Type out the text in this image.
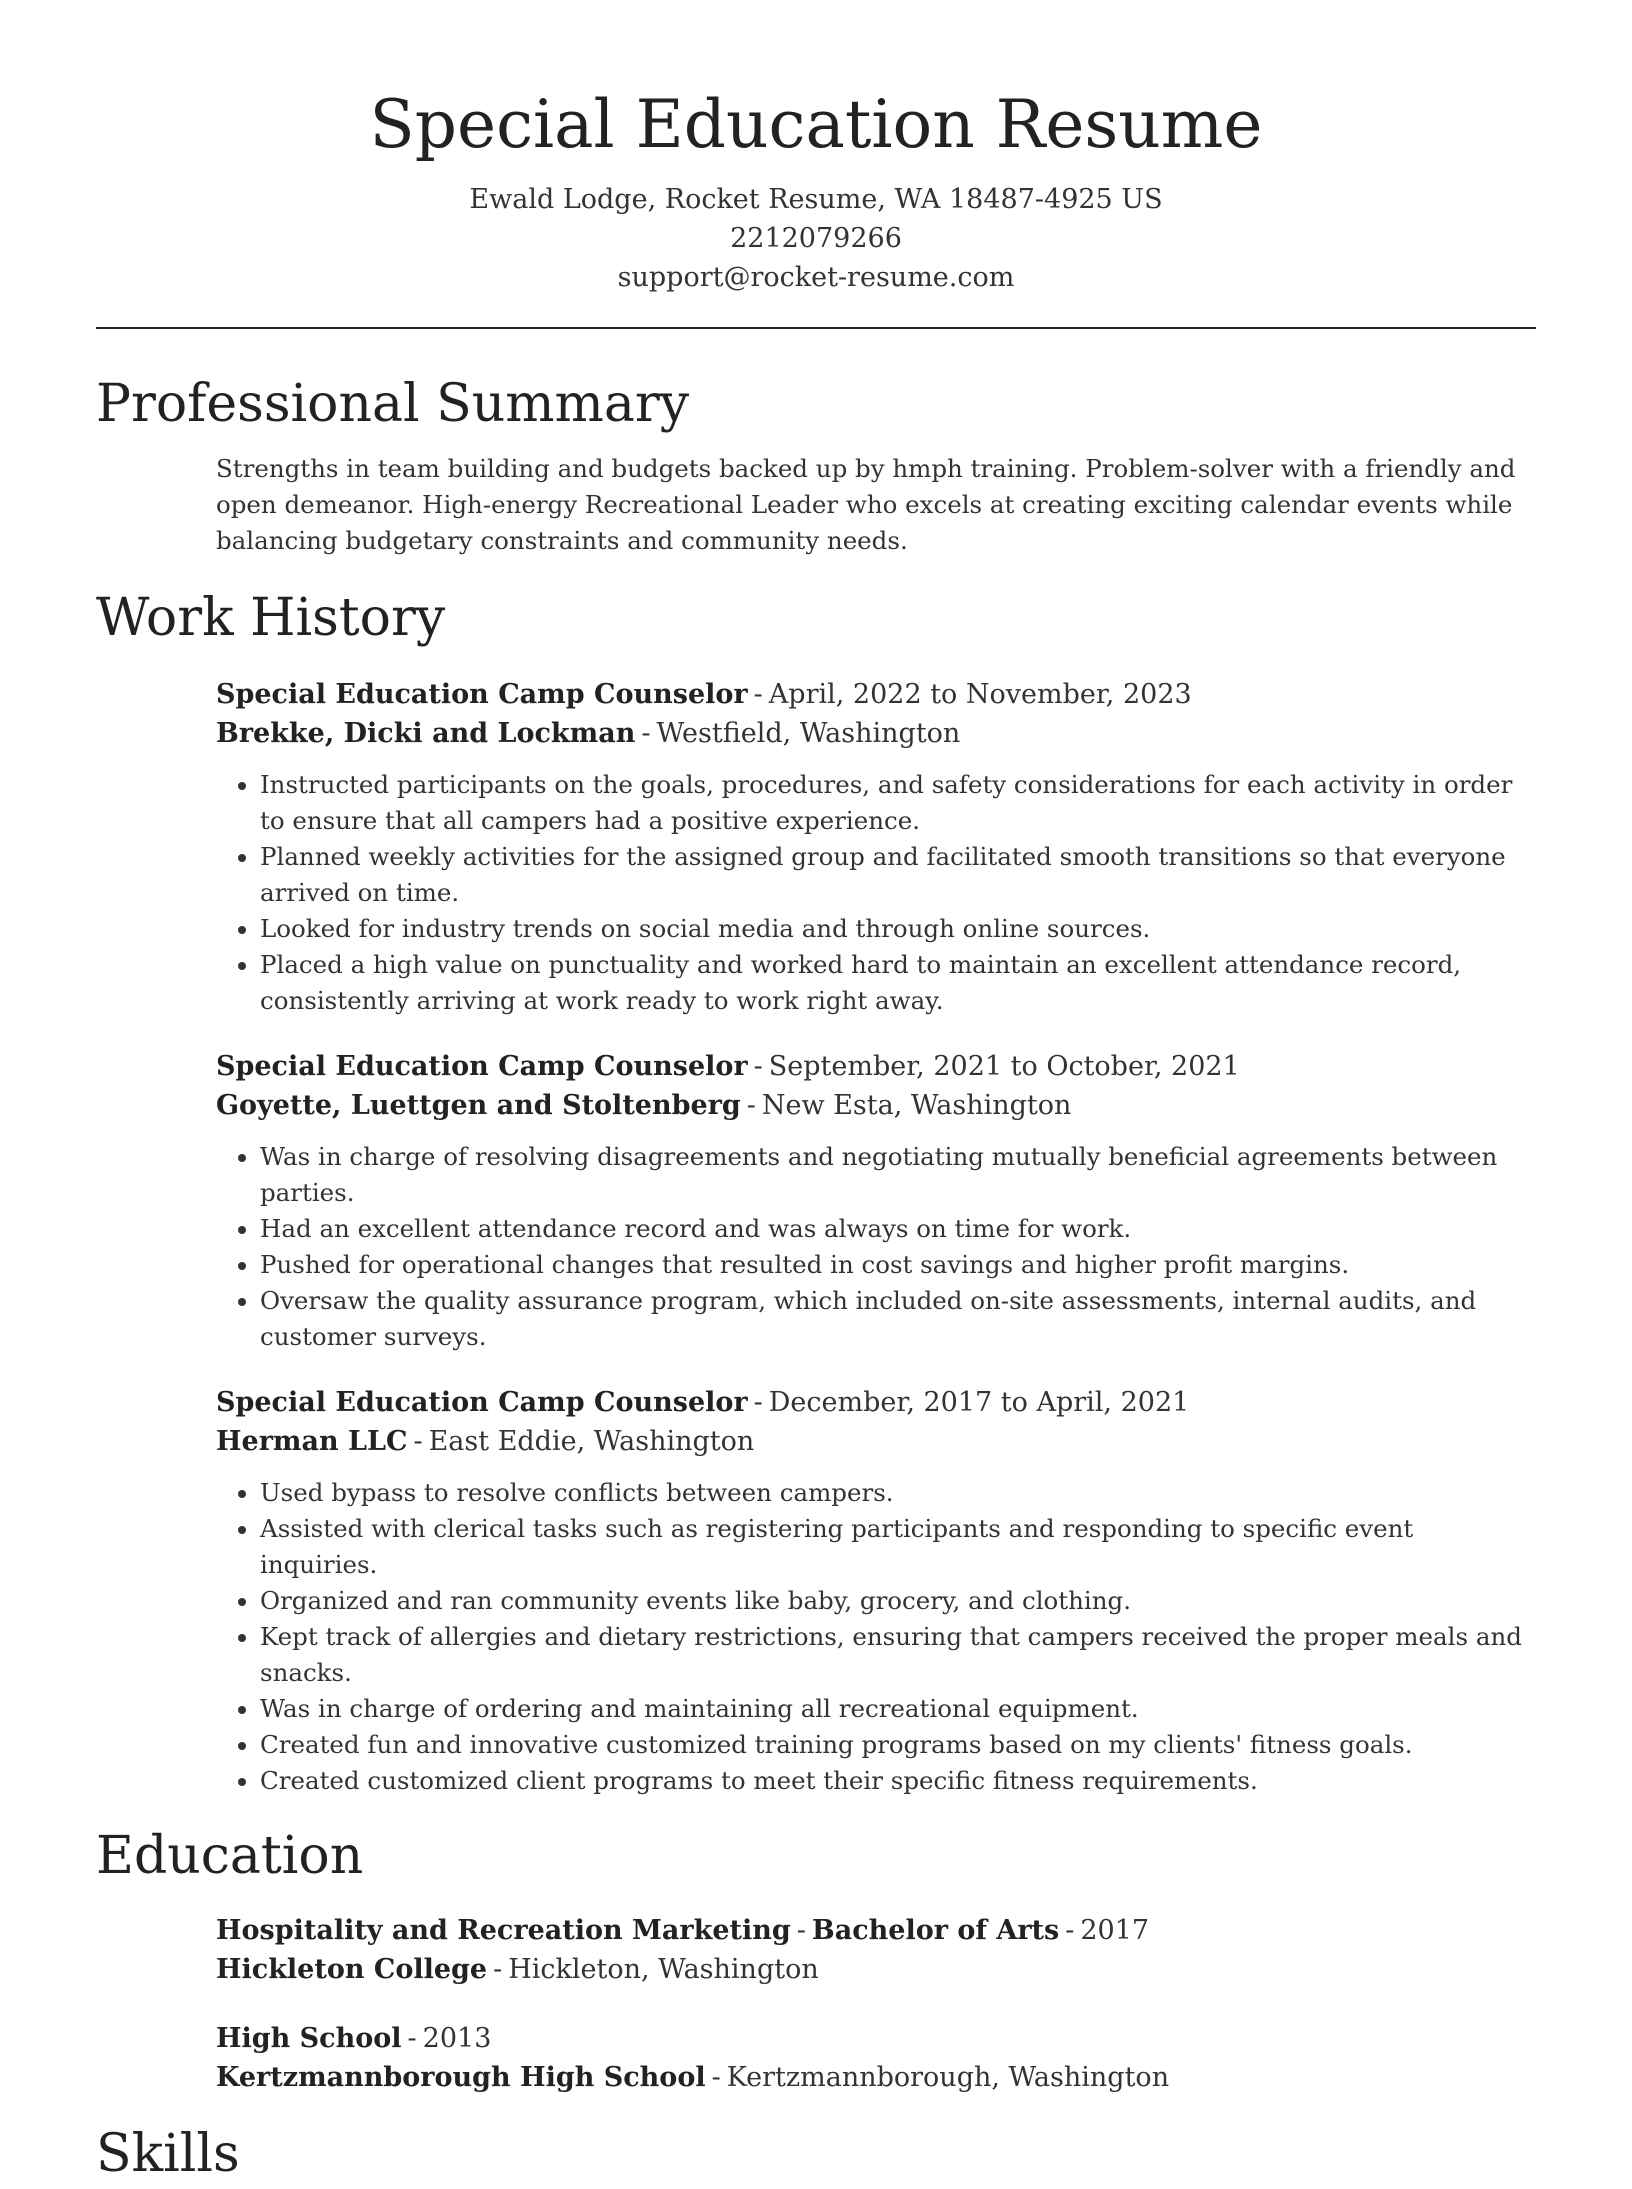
Special Education Resume
Ewald Lodge, Rocket Resume, WA 18487-4925 US
2212079266
support@rocket-resume.com
Professional Summary

Strengths in team building and budgets backed up by hmph training. Problem-solver with a friendly and open demeanor. High-energy Recreational Leader who excels at creating exciting calendar events while balancing budgetary constraints and community needs.

Work History
Special Education Camp Counselor - April, 2022 to November, 2023
Brekke, Dicki and Lockman - Westfield, Washington
• Instructed participants on the goals, procedures, and safety considerations for each activity in order to ensure that all campers had a positive experience.
• Planned weekly activities for the assigned group and facilitated smooth transitions so that everyone arrived on time.
• Looked for industry trends on social media and through online sources.
• Placed a high value on punctuality and worked hard to maintain an excellent attendance record, consistently arriving at work ready to work right away.
Special Education Camp Counselor - September, 2021 to October, 2021
Goyette, Luettgen and Stoltenberg - New Esta, Washington
• Was in charge of resolving disagreements and negotiating mutually beneficial agreements between parties.
• Had an excellent attendance record and was always on time for work.
• Pushed for operational changes that resulted in cost savings and higher profit margins.
• Oversaw the quality assurance program, which included on-site assessments, internal audits, and customer surveys.
Special Education Camp Counselor - December, 2017 to April, 2021
Herman LLC - East Eddie, Washington
• Used bypass to resolve conflicts between campers.
• Assisted with clerical tasks such as registering participants and responding to specific event inquiries.
• Organized and ran community events like baby, grocery, and clothing.
• Kept track of allergies and dietary restrictions, ensuring that campers received the proper meals and snacks.
• Was in charge of ordering and maintaining all recreational equipment.
• Created fun and innovative customized training programs based on my clients' fitness goals.
• Created customized client programs to meet their specific fitness requirements.
Education
Hospitality and Recreation Marketing - Bachelor of Arts - 2017
Hickleton College - Hickleton, Washington
High School - 2013
Kertzmannborough High School - Kertzmannborough, Washington
Skills
